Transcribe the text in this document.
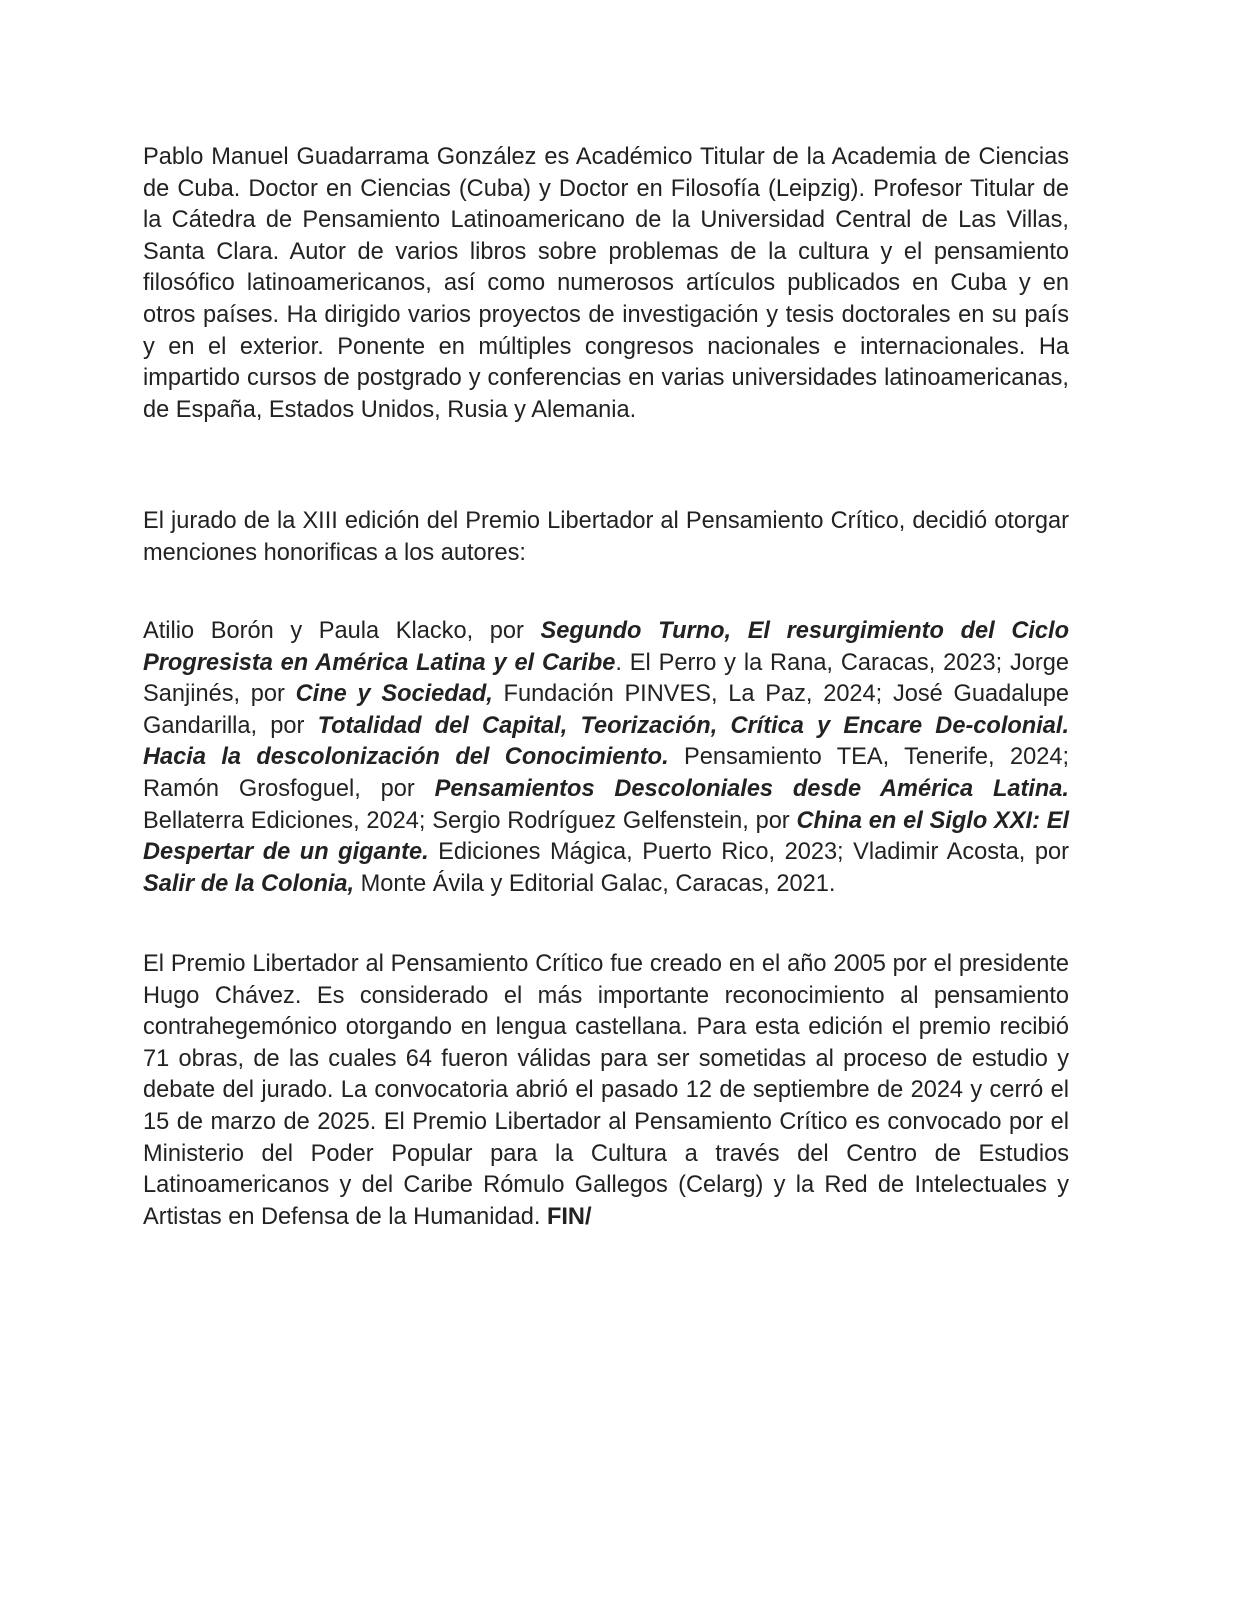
Pablo Manuel Guadarrama González es Académico Titular de la Academia de Ciencias de Cuba. Doctor en Ciencias (Cuba) y Doctor en Filosofía (Leipzig). Profesor Titular de la Cátedra de Pensamiento Latinoamericano de la Universidad Central de Las Villas, Santa Clara. Autor de varios libros sobre problemas de la cultura y el pensamiento filosófico latinoamericanos, así como numerosos artículos publicados en Cuba y en otros países. Ha dirigido varios proyectos de investigación y tesis doctorales en su país y en el exterior. Ponente en múltiples congresos nacionales e internacionales. Ha impartido cursos de postgrado y conferencias en varias universidades latinoamericanas, de España, Estados Unidos, Rusia y Alemania.

El jurado de la XIII edición del Premio Libertador al Pensamiento Crítico, decidió otorgar menciones honorificas a los autores:

Atilio Borón y Paula Klacko, por Segundo Turno, El resurgimiento del Ciclo Progresista en América Latina y el Caribe. El Perro y la Rana, Caracas, 2023; Jorge Sanjinés, por Cine y Sociedad, Fundación PINVES, La Paz, 2024; José Guadalupe Gandarilla, por Totalidad del Capital, Teorización, Crítica y Encare De-colonial. Hacia la descolonización del Conocimiento. Pensamiento TEA, Tenerife, 2024; Ramón Grosfoguel, por Pensamientos Descoloniales desde América Latina. Bellaterra Ediciones, 2024; Sergio Rodríguez Gelfenstein, por China en el Siglo XXI: El Despertar de un gigante. Ediciones Mágica, Puerto Rico, 2023; Vladimir Acosta, por Salir de la Colonia, Monte Ávila y Editorial Galac, Caracas, 2021.

El Premio Libertador al Pensamiento Crítico fue creado en el año 2005 por el presidente Hugo Chávez. Es considerado el más importante reconocimiento al pensamiento contrahegemónico otorgando en lengua castellana. Para esta edición el premio recibió 71 obras, de las cuales 64 fueron válidas para ser sometidas al proceso de estudio y debate del jurado. La convocatoria abrió el pasado 12 de septiembre de 2024 y cerró el 15 de marzo de 2025. El Premio Libertador al Pensamiento Crítico es convocado por el Ministerio del Poder Popular para la Cultura a través del Centro de Estudios Latinoamericanos y del Caribe Rómulo Gallegos (Celarg) y la Red de Intelectuales y Artistas en Defensa de la Humanidad. FIN/
